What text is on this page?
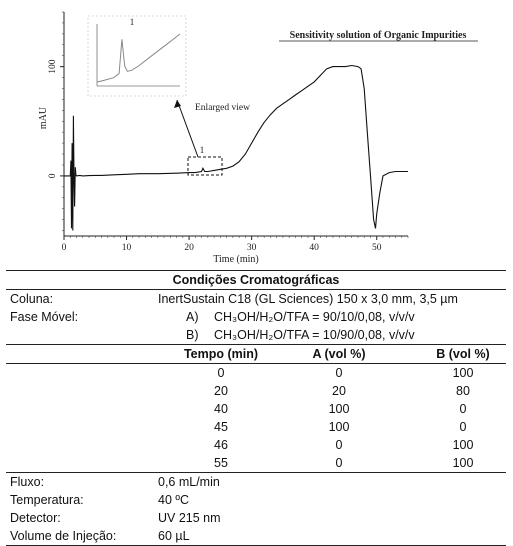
0	10	20	30	40	50
0
100
Time (min)
mAU
Sensitivity solution of Organic Impurities
1
Enlarged view
1
Condições Cromatográficas
Coluna:	InertSustain C18 (GL Sciences) 150 x 3,0 mm, 3,5 µm
Fase Móvel:	A) CH₃OH/H₂O/TFA = 90/10/0,08, v/v/v
B) CH₃OH/H₂O/TFA = 10/90/0,08, v/v/v
Tempo (min)	A (vol %)	B (vol %)
0	0	100
20	20	80
40	100	0
45	100	0
46	0	100
55	0	100
Fluxo:	0,6 mL/min
Temperatura:	40 ºC
Detector:	UV 215 nm
Volume de Injeção:	60 µL
